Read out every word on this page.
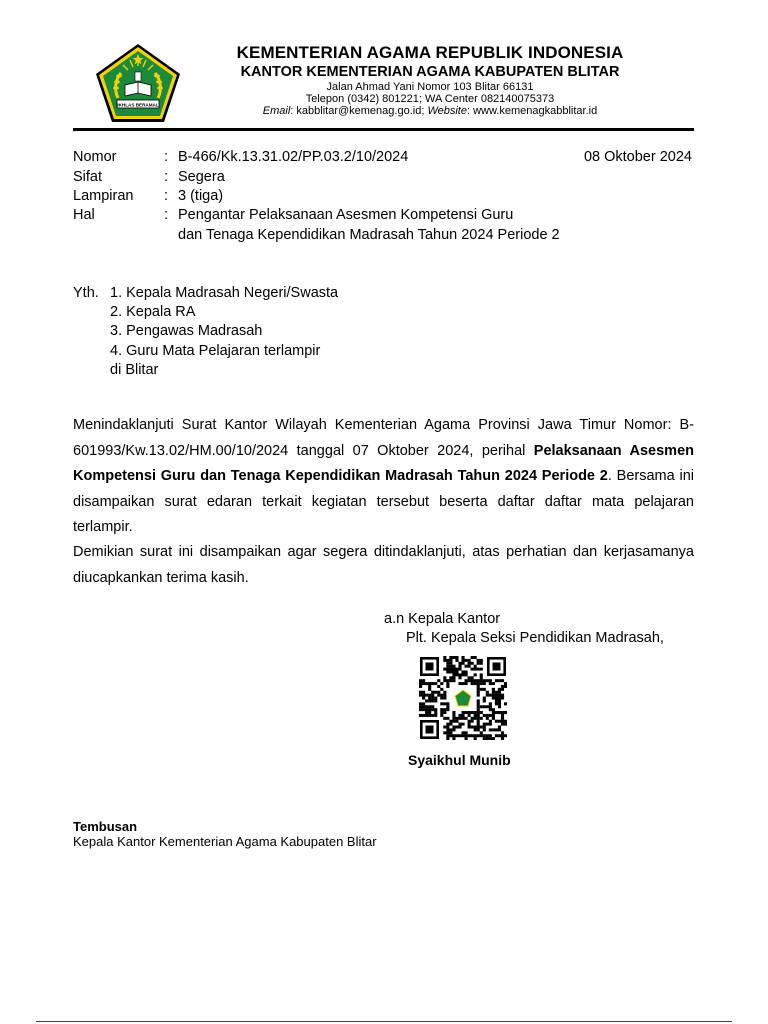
IKHLAS BERAMAL
KEMENTERIAN AGAMA REPUBLIK INDONESIA
KANTOR KEMENTERIAN AGAMA KABUPATEN BLITAR
Jalan Ahmad Yani Nomor 103 Blitar 66131
Telepon (0342) 801221; WA Center 082140075373
Email: kabblitar@kemenag.go.id; Website: www.kemenagkabblitar.id
Nomor	: B-466/Kk.13.31.02/PP.03.2/10/2024	08 Oktober 2024
Sifat	: Segera
Lampiran : 3 (tiga)
Hal	: Pengantar Pelaksanaan Asesmen Kompetensi Guru
dan Tenaga Kependidikan Madrasah Tahun 2024 Periode 2
Yth. 1. Kepala Madrasah Negeri/Swasta
2. Kepala RA
3. Pengawas Madrasah
4. Guru Mata Pelajaran terlampir
di Blitar

Menindaklanjuti Surat Kantor Wilayah Kementerian Agama Provinsi Jawa Timur Nomor: B-601993/Kw.13.02/HM.00/10/2024 tanggal 07 Oktober 2024, perihal Pelaksanaan Asesmen Kompetensi Guru dan Tenaga Kependidikan Madrasah Tahun 2024 Periode 2. Bersama ini disampaikan surat edaran terkait kegiatan tersebut beserta daftar daftar mata pelajaran terlampir.

Demikian surat ini disampaikan agar segera ditindaklanjuti, atas perhatian dan kerjasamanya diucapkankan terima kasih.

a.n Kepala Kantor
Plt. Kepala Seksi Pendidikan Madrasah,
Syaikhul Munib
Tembusan
Kepala Kantor Kementerian Agama Kabupaten Blitar
